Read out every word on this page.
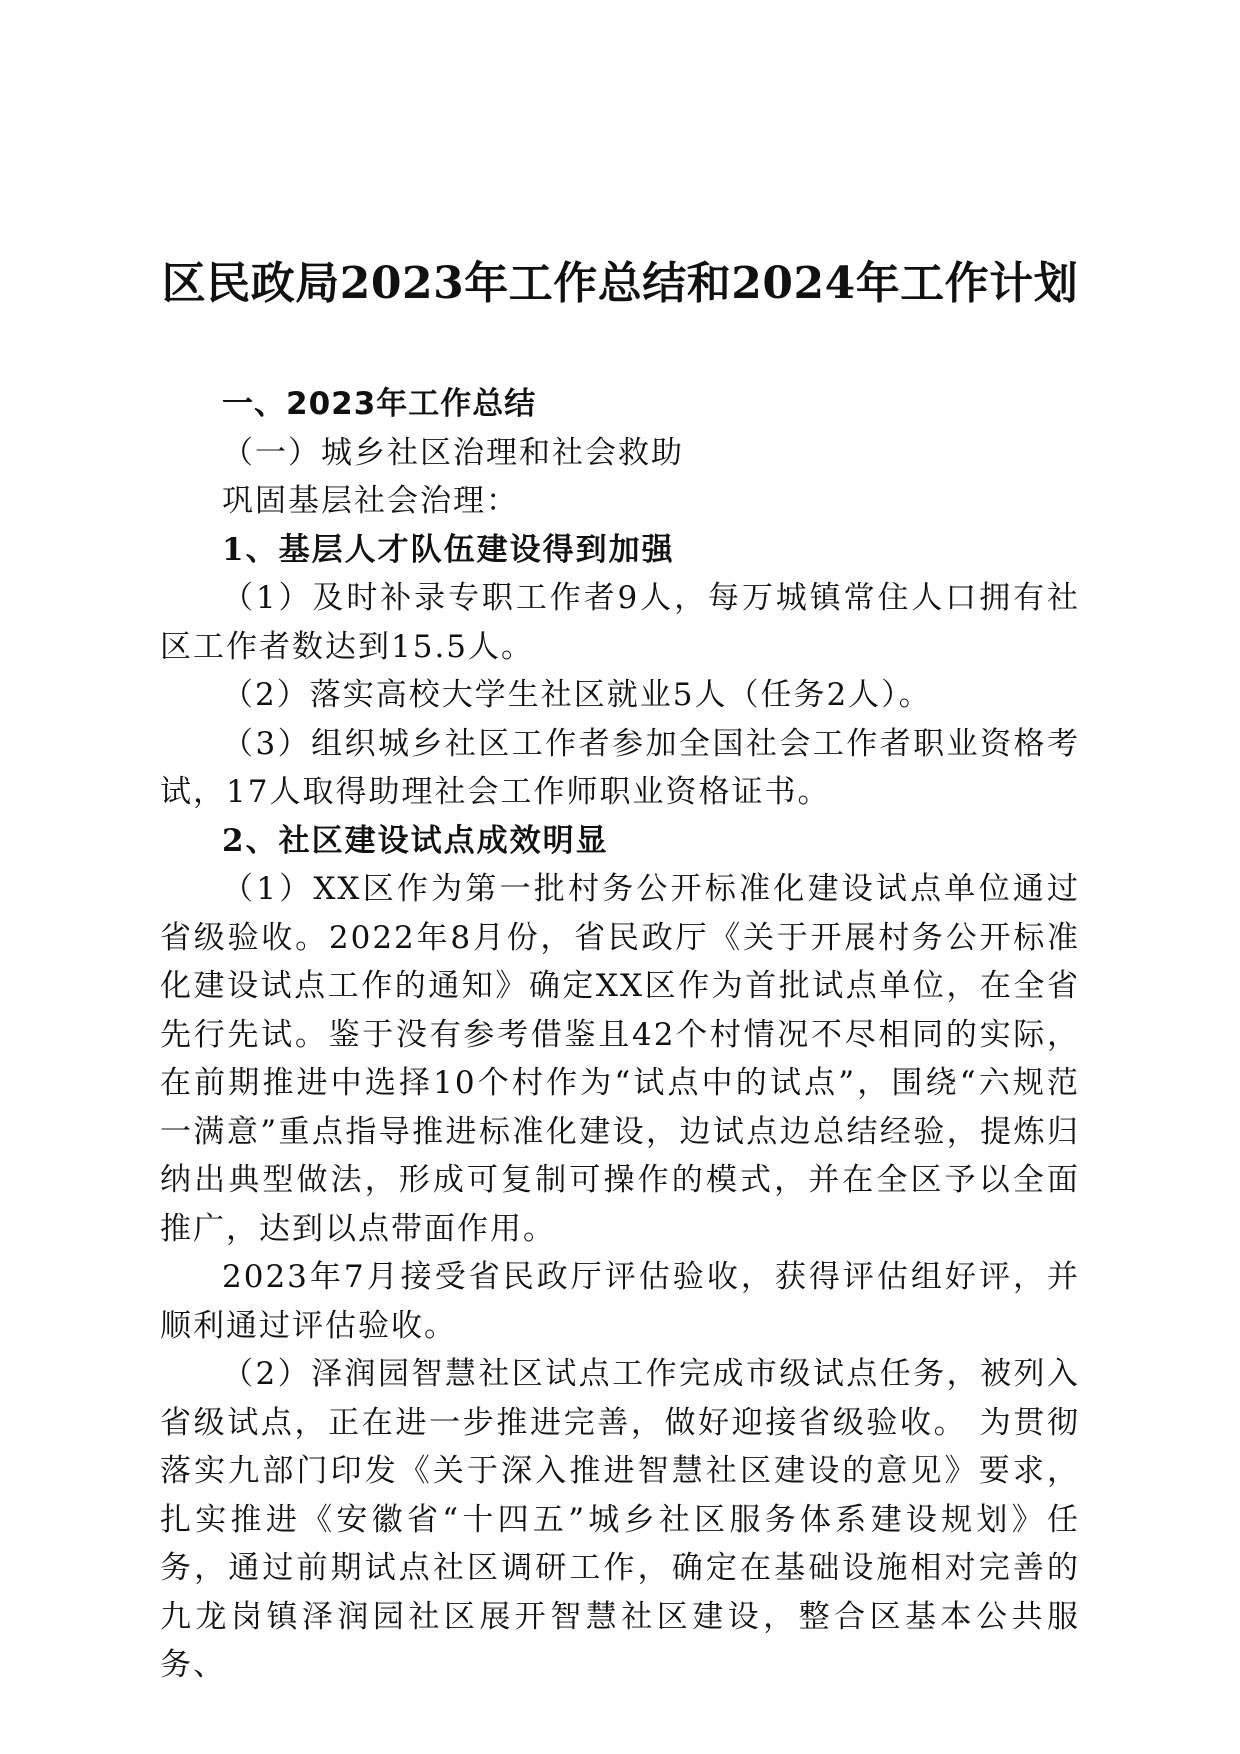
区民政局2023年工作总结和2024年工作计划

一、2023年工作总结

（一）城乡社区治理和社会救助

巩固基层社会治理：

1、基层人才队伍建设得到加强

（1）及时补录专职工作者9人，每万城镇常住人口拥有社区工作者数达到15.5人。

（2）落实高校大学生社区就业5人（任务2人）。

（3）组织城乡社区工作者参加全国社会工作者职业资格考试，17人取得助理社会工作师职业资格证书。

2、社区建设试点成效明显

（1）XX区作为第一批村务公开标准化建设试点单位通过省级验收。2022年8月份，省民政厅《关于开展村务公开标准化建设试点工作的通知》确定XX区作为首批试点单位，在全省先行先试。鉴于没有参考借鉴且42个村情况不尽相同的实际，在前期推进中选择10个村作为“试点中的试点”，围绕“六规范一满意”重点指导推进标准化建设，边试点边总结经验，提炼归纳出典型做法，形成可复制可操作的模式，并在全区予以全面推广，达到以点带面作用。

2023年7月接受省民政厅评估验收，获得评估组好评，并顺利通过评估验收。

（2）泽润园智慧社区试点工作完成市级试点任务，被列入省级试点，正在进一步推进完善，做好迎接省级验收。 为贯彻落实九部门印发《关于深入推进智慧社区建设的意见》要求，扎实推进《安徽省“十四五”城乡社区服务体系建设规划》任务，通过前期试点社区调研工作，确定在基础设施相对完善的九龙岗镇泽润园社区展开智慧社区建设，整合区基本公共服务、
